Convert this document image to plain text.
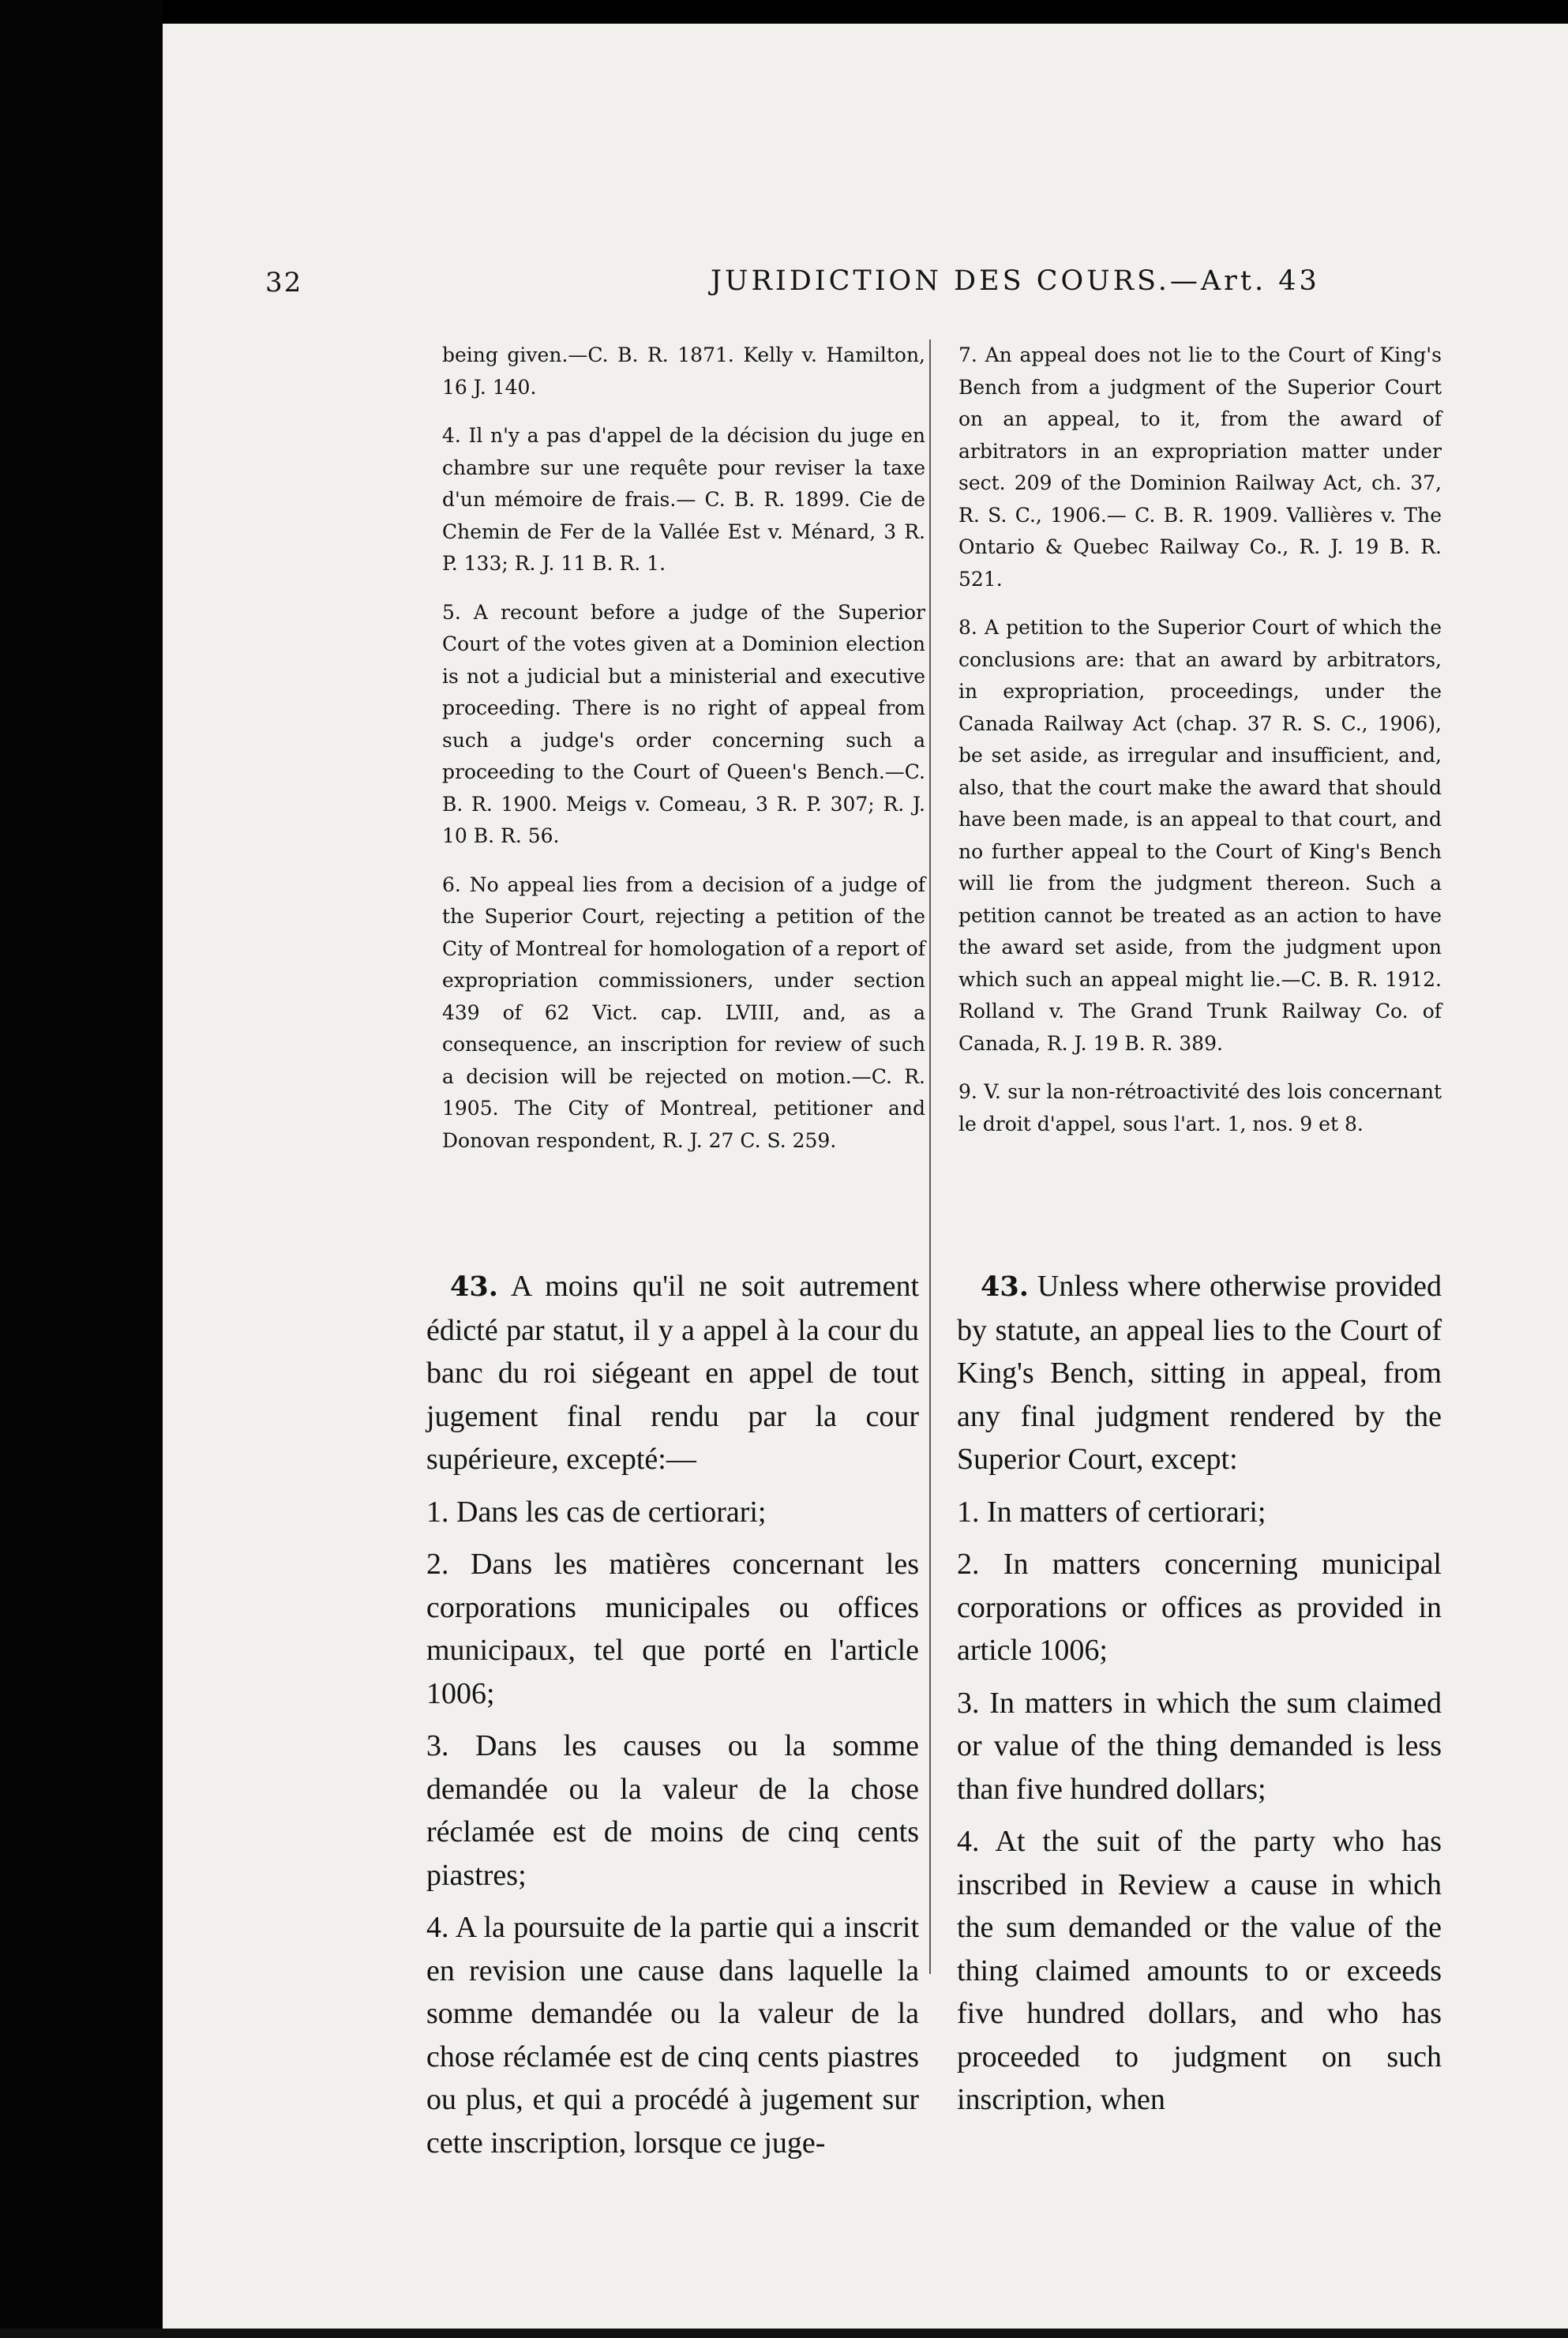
32	JURIDICTION DES COURS.—Art. 43

being given.—C. B. R. 1871. Kelly v. Hamilton, 16 J. 140.

4. Il n'y a pas d'appel de la décision du juge en chambre sur une requête pour reviser la taxe d'un mémoire de frais.— C. B. R. 1899. Cie de Chemin de Fer de la Vallée Est v. Ménard, 3 R. P. 133; R. J. 11 B. R. 1.

5. A recount before a judge of the Superior Court of the votes given at a Dominion election is not a judicial but a ministerial and executive proceeding. There is no right of appeal from such a judge's order concerning such a proceeding to the Court of Queen's Bench.—C. B. R. 1900. Meigs v. Comeau, 3 R. P. 307; R. J. 10 B. R. 56.

6. No appeal lies from a decision of a judge of the Superior Court, rejecting a petition of the City of Montreal for homologation of a report of expropriation commissioners, under section 439 of 62 Vict. cap. LVIII, and, as a consequence, an inscription for review of such a decision will be rejected on motion.—C. R. 1905. The City of Montreal, petitioner and Donovan respondent, R. J. 27 C. S. 259.

7. An appeal does not lie to the Court of King's Bench from a judgment of the Superior Court on an appeal, to it, from the award of arbitrators in an expropriation matter under sect. 209 of the Dominion Railway Act, ch. 37, R. S. C., 1906.— C. B. R. 1909. Vallières v. The Ontario & Quebec Railway Co., R. J. 19 B. R. 521.

8. A petition to the Superior Court of which the conclusions are: that an award by arbitrators, in expropriation, proceedings, under the Canada Railway Act (chap. 37 R. S. C., 1906), be set aside, as irregular and insufficient, and, also, that the court make the award that should have been made, is an appeal to that court, and no further appeal to the Court of King's Bench will lie from the judgment thereon. Such a petition cannot be treated as an action to have the award set aside, from the judgment upon which such an appeal might lie.—C. B. R. 1912. Rolland v. The Grand Trunk Railway Co. of Canada, R. J. 19 B. R. 389.

9. V. sur la non-rétroactivité des lois concernant le droit d'appel, sous l'art. 1, nos. 9 et 8.

43. A moins qu'il ne soit autrement édicté par statut, il y a appel à la cour du banc du roi siégeant en appel de tout jugement final rendu par la cour supérieure, excepté:—

1. Dans les cas de certiorari;

2. Dans les matières concernant les corporations municipales ou offices municipaux, tel que porté en l'article 1006;

3. Dans les causes ou la somme demandée ou la valeur de la chose réclamée est de moins de cinq cents piastres;

4. A la poursuite de la partie qui a inscrit en revision une cause dans laquelle la somme demandée ou la valeur de la chose réclamée est de cinq cents piastres ou plus, et qui a procédé à jugement sur cette inscription, lorsque ce juge-

43. Unless where otherwise provided by statute, an appeal lies to the Court of King's Bench, sitting in appeal, from any final judgment rendered by the Superior Court, except:

1. In matters of certiorari;

2. In matters concerning municipal corporations or offices as provided in article 1006;

3. In matters in which the sum claimed or value of the thing demanded is less than five hundred dollars;

4. At the suit of the party who has inscribed in Review a cause in which the sum demanded or the value of the thing claimed amounts to or exceeds five hundred dollars, and who has proceeded to judgment on such inscription, when
